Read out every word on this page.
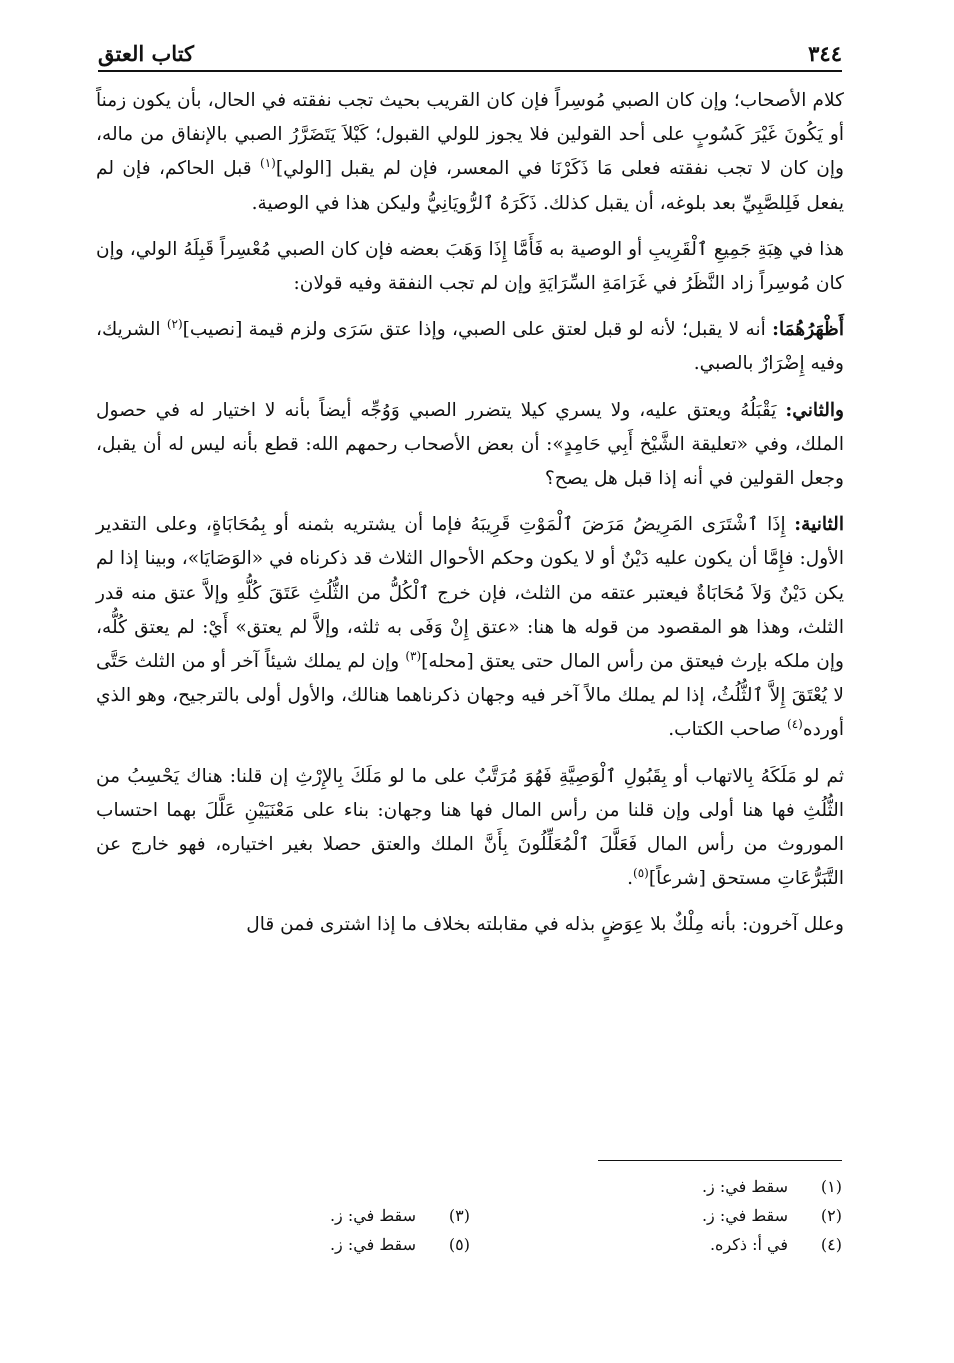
٣٤٤
كتاب العتق

كلام الأصحاب؛ وإن كان الصبي مُوسِراً فإن كان القريب بحيث تجب نفقته في الحال، بأن يكون زمناً أو يَكُونَ غَيْرَ كَسُوبٍ على أحد القولين فلا يجوز للولي القبول؛ كَيْلاَ يَتَضَرَّرُ الصبي بالإنفاق من ماله، وإن كان لا تجب نفقته فعلى مَا ذَكَرْنَا في المعسر، فإن لم يقبل [الولي]$^{(١)}$ قبل الحاكم، فإن لم يفعل فَلِلصَّبِيِّ بعد بلوغه، أن يقبل كذلك. ذَكَرَهُ ٱلرُّويَانِيُّ وليكن هذا في الوصية.

هذا في هِبَةِ جَمِيعِ ٱلْقَرِيبِ أو الوصية به فَأَمَّا إِذَا وَهَبَ بعضه فإن كان الصبي مُعْسِراً قَبِلَهُ الولي، وإن كان مُوسِراً زاد النَّظَرُ في غَرَامَةِ السِّرَايَةِ وإن لم تجب النفقة وفيه قولان:

أَظْهَرُهُمَا: أنه لا يقبل؛ لأنه لو قبل لعتق على الصبي، وإذا عتق سَرَى ولزم قيمة [نصيب]$^{(٢)}$ الشريك، وفيه إِضْرَارٌ بالصبي.

والثاني: يَقْبَلُهُ ويعتق عليه، ولا يسري كيلا يتضرر الصبي وَوُجِّه أيضاً بأنه لا اختيار له في حصول الملك، وفي «تعليقة الشَّيْخ أَبِي حَامِدٍ»: أن بعض الأصحاب رحمهم الله: قطع بأنه ليس له أن يقبل، وجعل القولين في أنه إذا قبل هل يصح؟

الثانية: إِذَا ٱشْتَرَى المَرِيضُ مَرَضَ ٱلْمَوْتِ قَرِيبَهُ فإما أن يشتريه بثمنه أو بِمُحَابَاةٍ، وعلى التقدير الأول: فإِمَّا أن يكون عليه دَيْنٌ أو لا يكون وحكم الأحوال الثلاث قد ذكرناه في «الوَصَايَا»، وبينا إذا لم يكن دَيْنٌ وَلاَ مُحَابَاةٌ فيعتبر عتقه من الثلث، فإن خرج ٱلْكُلُّ من الثُّلُثِ عَتَقَ كُلُّهِ وإلاَّ عتق منه قدر الثلث، وهذا هو المقصود من قوله ها هنا: «عتق إِنْ وَفَى به ثلثه، وإلاَّ لم يعتق» أَيْ: لم يعتق كُلُّه، وإن ملكه بإرث فيعتق من رأس المال حتى يعتق [محله]$^{(٣)}$ وإن لم يملك شيئاً آخر أو من الثلث حَتَّى لا يُعْتَقَ إِلاَّ ٱلثُّلُثُ، إذا لم يملك مالاً آخر فيه وجهان ذكرناهما هنالك، والأول أولى بالترجيح، وهو الذي أورده$^{(٤)}$ صاحب الكتاب.

ثم لو مَلَكَهُ بِالاتهاب أو بِقَبُولِ ٱلْوَصِيَّةِ فَهُوَ مُرَتَّبٌ على ما لو مَلَكَ بِالإِرْثِ إن قلنا: هناك يَحْسِبُ من الثُّلُثِ فها هنا أولى وإن قلنا من رأس المال فها هنا وجهان: بناء على مَعْنَيَيْنِ عَلَّلَ بهما احتساب الموروث من رأس المال فَعَلَّلَ ٱلْمُعَلِّلُونَ بِأَنَّ الملك والعتق حصلا بغير اختياره، فهو خارج عن التَّبَرُّعَاتِ مستحق [شرعاً]$^{(٥)}$.

وعلل آخرون: بأنه مِلْكٌ بلا عِوَضٍ بذله في مقابلته بخلاف ما إذا اشترى فمن قال

(١)
سقط في: ز.
(٢)
سقط في: ز.
(٣)
سقط في: ز.
(٤)
في أ: ذكره.
(٥)
سقط في: ز.
